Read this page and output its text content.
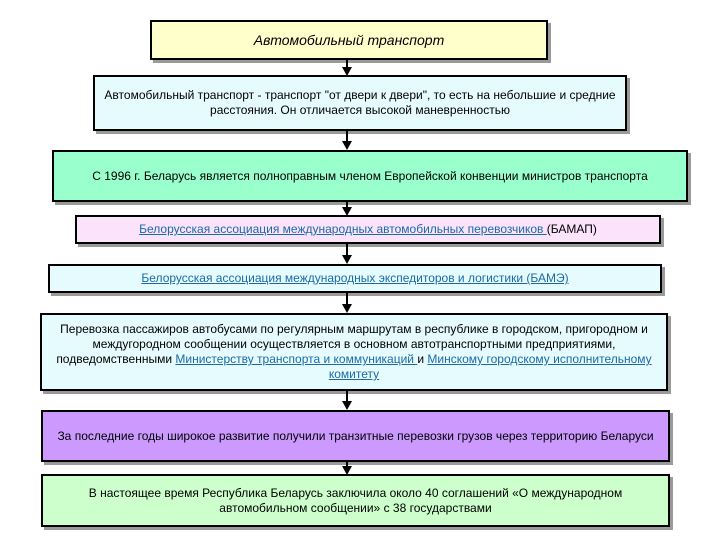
Автомобильный транспорт
Автомобильный транспорт - транспорт "от двери к двери", то есть на небольшие и средние расстояния. Он отличается высокой маневренностью
С 1996 г. Беларусь является полноправным членом Европейской конвенции министров транспорта
Белорусская ассоциация международных автомобильных перевозчиков (БАМАП)
Белорусская ассоциация международных экспедиторов и логистики (БАМЭ)
Перевозка пассажиров автобусами по регулярным маршрутам в республике в городском, пригородном и междугородном сообщении осуществляется в основном автотранспортными предприятиями, подведомственными Министерству транспорта и коммуникаций и Минскому городскому исполнительному комитету
За последние годы широкое развитие получили транзитные перевозки грузов через территорию Беларуси
В настоящее время Республика Беларусь заключила около 40 соглашений «О международном автомобильном сообщении» с 38 государствами
